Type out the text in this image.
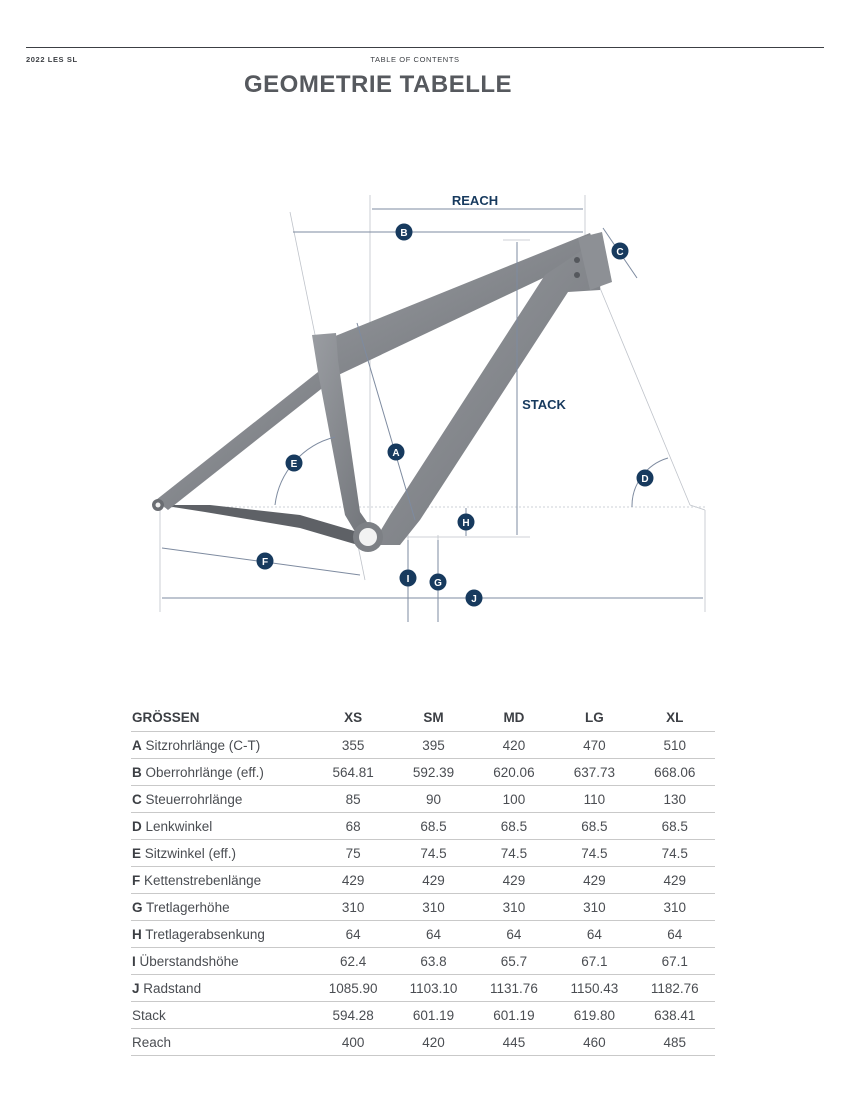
2022 LES SL	TABLE OF CONTENTS
GEOMETRIE TABELLE
REACH
STACK
B
C
A
E
D
H
F
I G
J
GRÖSSEN	XS	SM	MD	LG	XL
A Sitzrohrlänge (C-T)	355	395	420	470	510
B Oberrohrlänge (eff.)	564.81	592.39	620.06	637.73	668.06
C Steuerrohrlänge	85	90	100	110	130
D Lenkwinkel	68	68.5	68.5	68.5	68.5
E Sitzwinkel (eff.)	75	74.5	74.5	74.5	74.5
F Kettenstrebenlänge	429	429	429	429	429
G Tretlagerhöhe	310	310	310	310	310
H Tretlagerabsenkung	64	64	64	64	64
I Überstandshöhe	62.4	63.8	65.7	67.1	67.1
J Radstand	1085.90	1103.10	1131.76	1150.43	1182.76
Stack	594.28	601.19	601.19	619.80	638.41
Reach	400	420	445	460	485
